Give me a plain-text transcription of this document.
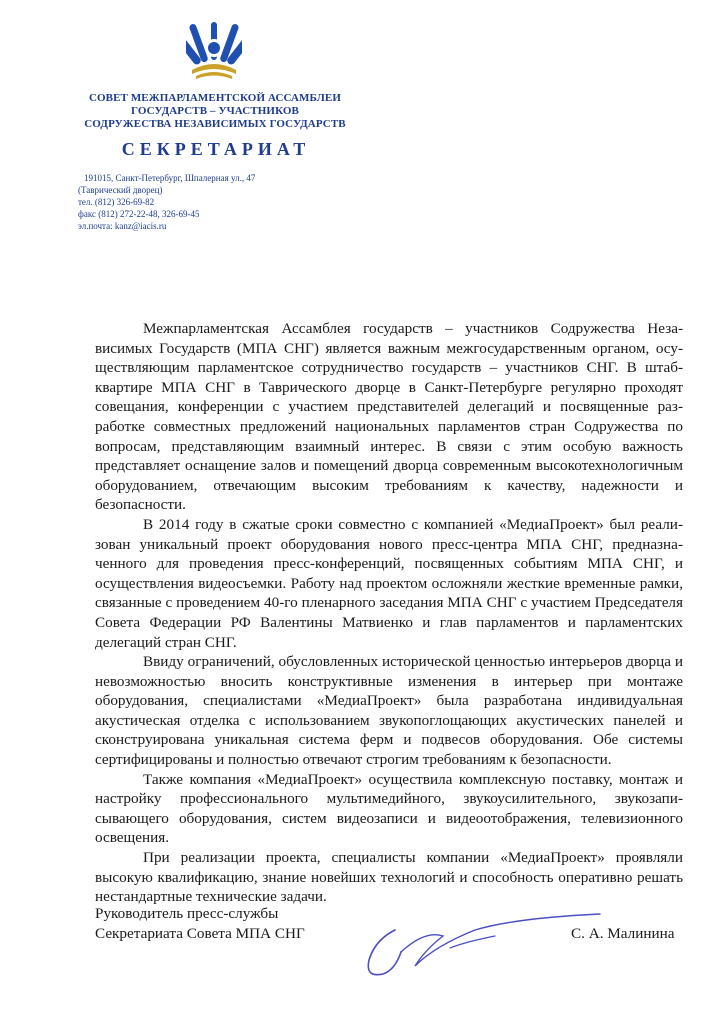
СОВЕТ МЕЖПАРЛАМЕНТСКОЙ АССАМБЛЕИ
ГОСУДАРСТВ – УЧАСТНИКОВ
СОДРУЖЕСТВА НЕЗАВИСИМЫХ ГОСУДАРСТВ
СЕКРЕТАРИАТ
191015, Санкт-Петербург, Шпалерная ул., 47
(Таврический дворец)
тел. (812) 326-69-82
факс (812) 272-22-48, 326-69-45
эл.почта: kanz@iacis.ru

Межпарламентская Ассамблея государств – участников Содружества Независимых Государств (МПА СНГ) является важным межгосударственным органом, осуществляющим парламентское сотрудничество государств – участников СНГ. В штабквартире МПА СНГ в Таврического дворце в Санкт-Петербурге регулярно проходят совещания, конференции с участием представителей делегаций и посвященные разработке совместных предложений национальных парламентов стран Содружества по вопросам, представляющим взаимный интерес. В связи с этим особую важность представляет оснащение залов и помещений дворца современным высокотехнологичным оборудованием, отвечающим высоким требованиям к качеству, надежности и безопасности.

В 2014 году в сжатые сроки совместно с компанией «МедиаПроект» был реализован уникальный проект оборудования нового пресс-центра МПА СНГ, предназначенного для проведения пресс-конференций, посвященных событиям МПА СНГ, и осуществления видеосъемки. Работу над проектом осложняли жесткие временные рамки, связанные с проведением 40-го пленарного заседания МПА СНГ с участием Председателя Совета Федерации РФ Валентины Матвиенко и глав парламентов и парламентских делегаций стран СНГ.

Ввиду ограничений, обусловленных исторической ценностью интерьеров дворца и невозможностью вносить конструктивные изменения в интерьер при монтаже оборудования, специалистами «МедиаПроект» была разработана индивидуальная акустическая отделка с использованием звукопоглощающих акустических панелей и сконструирована уникальная система ферм и подвесов оборудования. Обе системы сертифицированы и полностью отвечают строгим требованиям к безопасности.

Также компания «МедиаПроект» осуществила комплексную поставку, монтаж и настройку профессионального мультимедийного, звукоусилительного, звукозаписывающего оборудования, систем видеозаписи и видеоотображения, телевизионного освещения.

При реализации проекта, специалисты компании «МедиаПроект» проявляли высокую квалификацию, знание новейших технологий и способность оперативно решать нестандартные технические задачи.

Руководитель пресс-службы
Секретариата Совета МПА СНГ	С. А. Малинина
